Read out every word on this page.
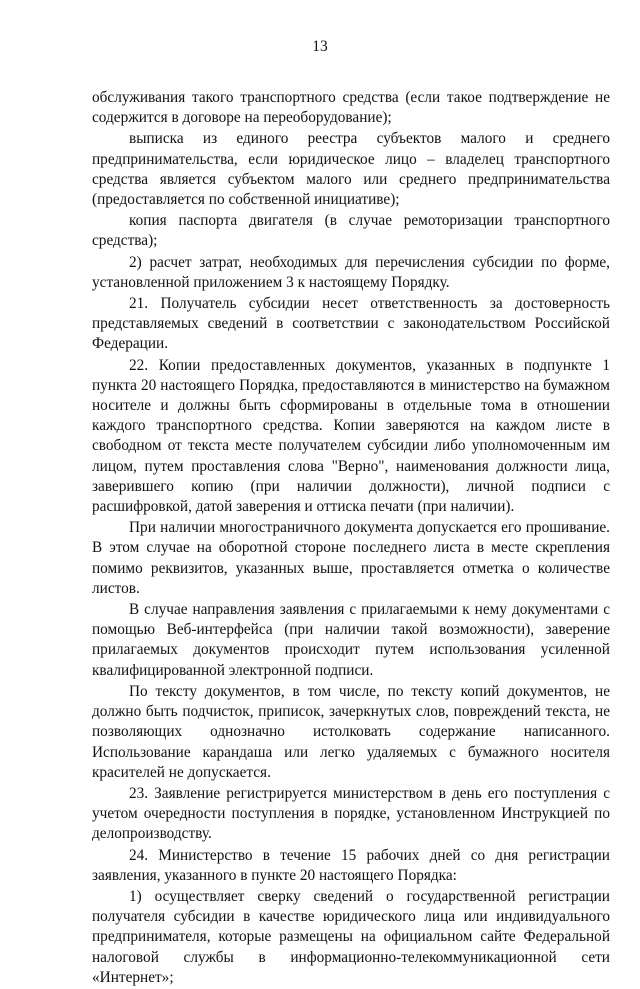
13

обслуживания такого транспортного средства (если такое подтверждение не содержится в договоре на переоборудование);

выписка из единого реестра субъектов малого и среднего предпринимательства, если юридическое лицо – владелец транспортного средства является субъектом малого или среднего предпринимательства (предоставляется по собственной инициативе);

копия паспорта двигателя (в случае ремоторизации транспортного средства);

2) расчет затрат, необходимых для перечисления субсидии по форме, установленной приложением 3 к настоящему Порядку.

21. Получатель субсидии несет ответственность за достоверность представляемых сведений в соответствии с законодательством Российской Федерации.

22. Копии предоставленных документов, указанных в подпункте 1 пункта 20 настоящего Порядка, предоставляются в министерство на бумажном носителе и должны быть сформированы в отдельные тома в отношении каждого транспортного средства. Копии заверяются на каждом листе в свободном от текста месте получателем субсидии либо уполномоченным им лицом, путем проставления слова "Верно", наименования должности лица, заверившего копию (при наличии должности), личной подписи с расшифровкой, датой заверения и оттиска печати (при наличии).

При наличии многостраничного документа допускается его прошивание. В этом случае на оборотной стороне последнего листа в месте скрепления помимо реквизитов, указанных выше, проставляется отметка о количестве листов.

В случае направления заявления с прилагаемыми к нему документами с помощью Веб-интерфейса (при наличии такой возможности), заверение прилагаемых документов происходит путем использования усиленной квалифицированной электронной подписи.

По тексту документов, в том числе, по тексту копий документов, не должно быть подчисток, приписок, зачеркнутых слов, повреждений текста, не позволяющих однозначно истолковать содержание написанного. Использование карандаша или легко удаляемых с бумажного носителя красителей не допускается.

23. Заявление регистрируется министерством в день его поступления с учетом очередности поступления в порядке, установленном Инструкцией по делопроизводству.

24. Министерство в течение 15 рабочих дней со дня регистрации заявления, указанного в пункте 20 настоящего Порядка:

1) осуществляет сверку сведений о государственной регистрации получателя субсидии в качестве юридического лица или индивидуального предпринимателя, которые размещены на официальном сайте Федеральной налоговой службы в информационно-телекоммуникационной сети «Интернет»;
